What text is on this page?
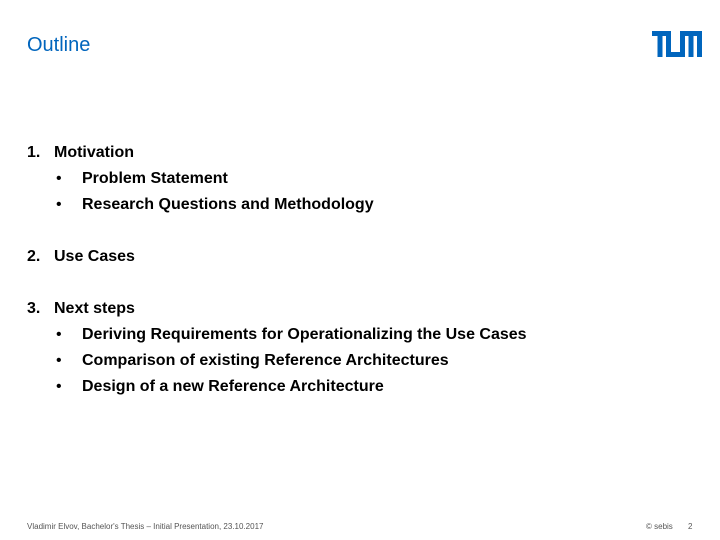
Outline
1. Motivation
• Problem Statement
• Research Questions and Methodology
2. Use Cases
3. Next steps
• Deriving Requirements for Operationalizing the Use Cases
• Comparison of existing Reference Architectures
• Design of a new Reference Architecture
Vladimir Elvov, Bachelor's Thesis – Initial Presentation, 23.10.2017	© sebis 2
